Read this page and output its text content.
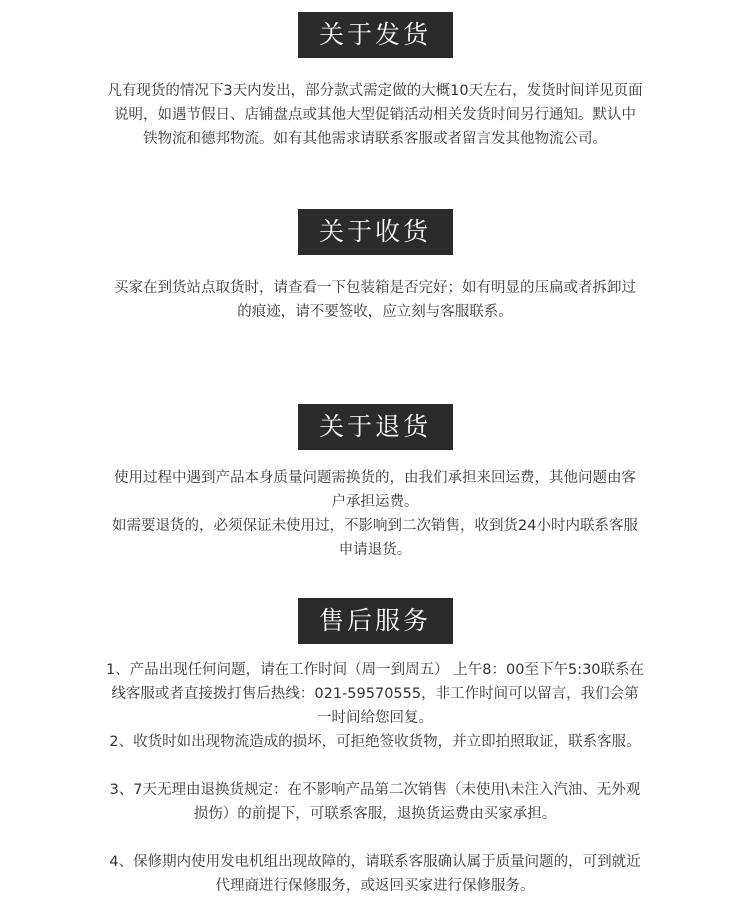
关于发货

凡有现货的情况下3天内发出，部分款式需定做的大概10天左右，发货时间详见页面

说明，如遇节假日、店铺盘点或其他大型促销活动相关发货时间另行通知。默认中

铁物流和德邦物流。如有其他需求请联系客服或者留言发其他物流公司。

关于收货

买家在到货站点取货时，请查看一下包装箱是否完好；如有明显的压扁或者拆卸过

的痕迹，请不要签收，应立刻与客服联系。

关于退货

使用过程中遇到产品本身质量问题需换货的，由我们承担来回运费，其他问题由客

户承担运费。

如需要退货的，必须保证未使用过，不影响到二次销售，收到货24小时内联系客服

申请退货。

售后服务

1、产品出现任何问题，请在工作时间（周一到周五） 上午8：00至下午5:30联系在

线客服或者直接拨打售后热线：021-59570555，非工作时间可以留言，我们会第

一时间给您回复。

2、收货时如出现物流造成的损坏，可拒绝签收货物，并立即拍照取证，联系客服。

3、7天无理由退换货规定：在不影响产品第二次销售（未使用\未注入汽油、无外观

损伤）的前提下，可联系客服，退换货运费由买家承担。

4、保修期内使用发电机组出现故障的，请联系客服确认属于质量问题的，可到就近

代理商进行保修服务，或返回买家进行保修服务。
